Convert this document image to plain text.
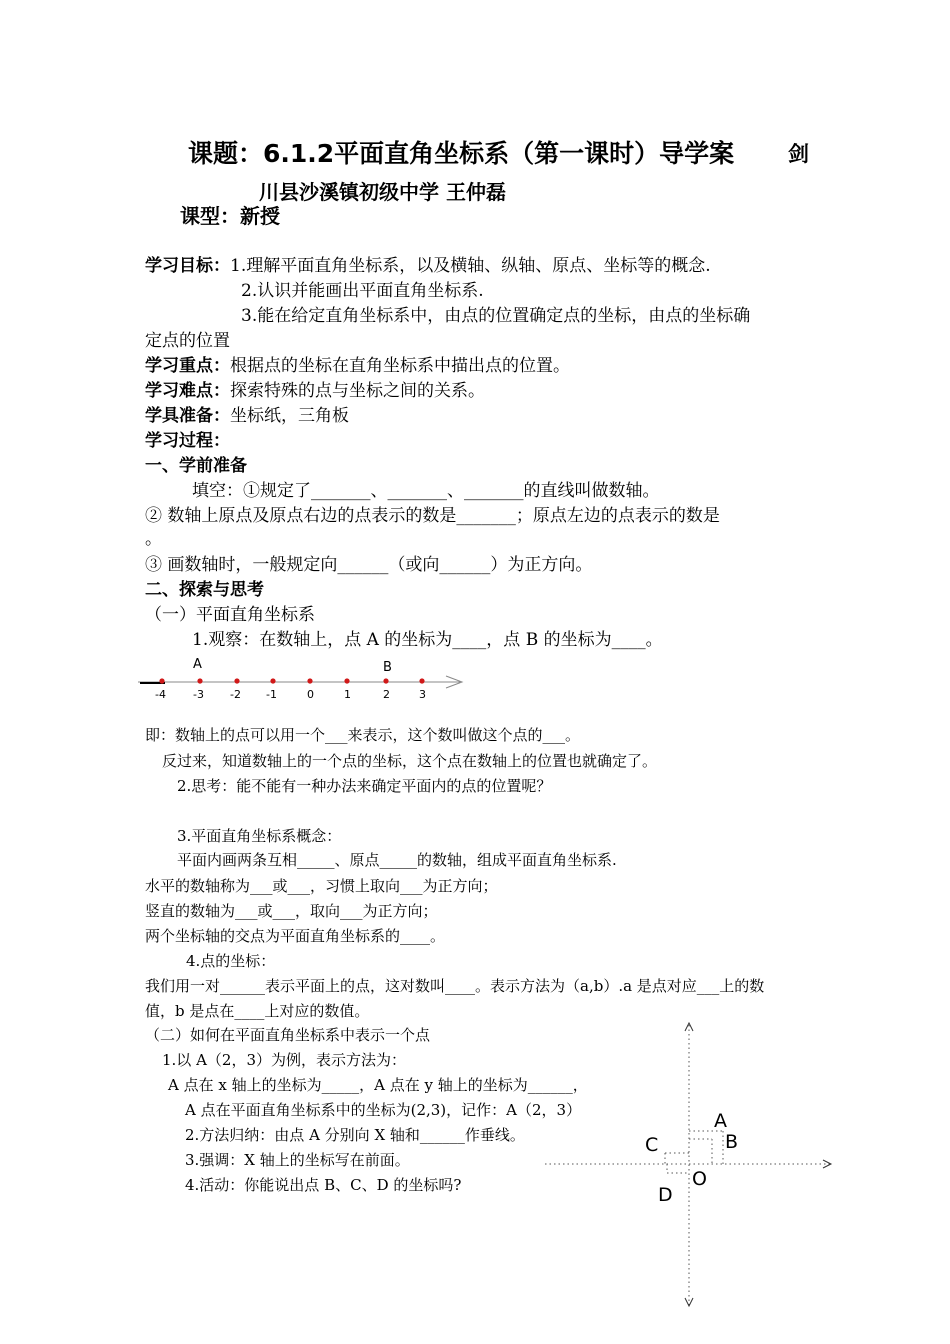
课题：6.1.2平面直角坐标系（第一课时）导学案	剑
川县沙溪镇初级中学 王仲磊
课型：新授
学习目标：1.理解平面直角坐标系，以及横轴、纵轴、原点、坐标等的概念.
2.认识并能画出平面直角坐标系.
3.能在给定直角坐标系中，由点的位置确定点的坐标，由点的坐标确
定点的位置
学习重点：根据点的坐标在直角坐标系中描出点的位置。
学习难点：探索特殊的点与坐标之间的关系。
学具准备：坐标纸，三角板
学习过程：
一、学前准备
填空：①规定了_______、_______、_______的直线叫做数轴。
② 数轴上原点及原点右边的点表示的数是_______；原点左边的点表示的数是
。
③ 画数轴时，一般规定向______（或向______）为正方向。
二、探索与思考
（一）平面直角坐标系
1.观察：在数轴上，点 A 的坐标为____，点 B 的坐标为____。
-4 -3 -2 -1	0	1	2	3
A	B
即：数轴上的点可以用一个___来表示，这个数叫做这个点的___。
反过来，知道数轴上的一个点的坐标，这个点在数轴上的位置也就确定了。
2.思考：能不能有一种办法来确定平面内的点的位置呢？
3.平面直角坐标系概念：
平面内画两条互相_____、原点_____的数轴，组成平面直角坐标系.
水平的数轴称为___或___，习惯上取向___为正方向；
竖直的数轴为___或___，取向___为正方向；
两个坐标轴的交点为平面直角坐标系的____。
4.点的坐标：
我们用一对______表示平面上的点，这对数叫____。表示方法为（a,b）.a 是点对应___上的数
值，b 是点在____上对应的数值。
（二）如何在平面直角坐标系中表示一个点
1.以 A（2，3）为例，表示方法为：
A 点在 x 轴上的坐标为_____，A 点在 y 轴上的坐标为______，
A 点在平面直角坐标系中的坐标为(2,3)，记作：A（2，3）
2.方法归纳：由点 A 分别向 X 轴和______作垂线。
3.强调：X 轴上的坐标写在前面。
4.活动：你能说出点 B、C、D 的坐标吗?
A
B
C
D
O
